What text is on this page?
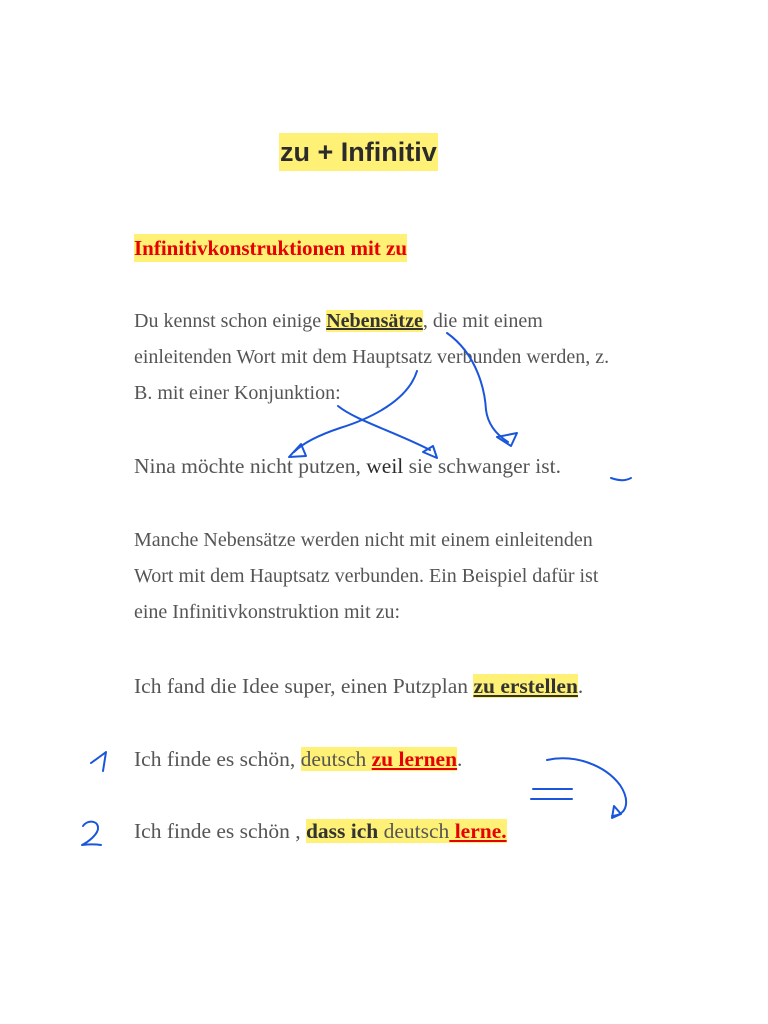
zu + Infinitiv
Infinitivkonstruktionen mit zu

Du kennst schon einige Nebensätze, die mit einem

einleitenden Wort mit dem Hauptsatz verbunden werden, z.

B. mit einer Konjunktion:

Nina möchte nicht putzen, weil sie schwanger ist.

Manche Nebensätze werden nicht mit einem einleitenden

Wort mit dem Hauptsatz verbunden. Ein Beispiel dafür ist

eine Infinitivkonstruktion mit zu:

Ich fand die Idee super, einen Putzplan zu erstellen.
Ich finde es schön, deutsch zu lernen.
Ich finde es schön , dass ich deutsch lerne.
